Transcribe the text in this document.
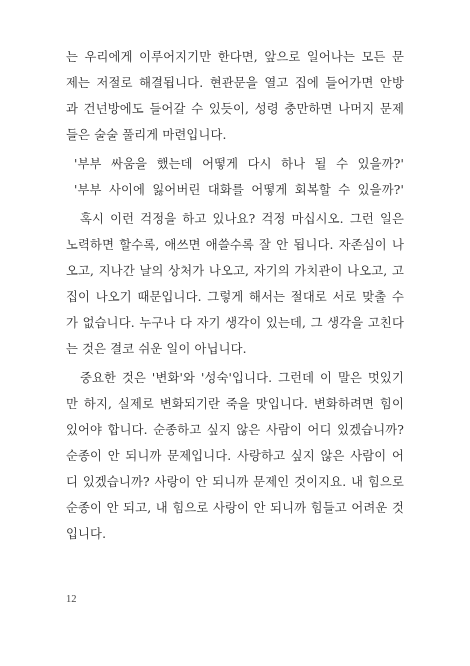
는 우리에게 이루어지기만 한다면, 앞으로 일어나는 모든 문
제는 저절로 해결됩니다. 현관문을 열고 집에 들어가면 안방
과 건넌방에도 들어갈 수 있듯이, 성령 충만하면 나머지 문제
들은 술술 풀리게 마련입니다.
'부부 싸움을 했는데 어떻게 다시 하나 될 수 있을까?'
'부부 사이에 잃어버린 대화를 어떻게 회복할 수 있을까?'
혹시 이런 걱정을 하고 있나요? 걱정 마십시오. 그런 일은
노력하면 할수록, 애쓰면 애쓸수록 잘 안 됩니다. 자존심이 나
오고, 지나간 날의 상처가 나오고, 자기의 가치관이 나오고, 고
집이 나오기 때문입니다. 그렇게 해서는 절대로 서로 맞출 수
가 없습니다. 누구나 다 자기 생각이 있는데, 그 생각을 고친다
는 것은 결코 쉬운 일이 아닙니다.
중요한 것은 '변화'와 '성숙'입니다. 그런데 이 말은 멋있기
만 하지, 실제로 변화되기란 죽을 맛입니다. 변화하려면 힘이
있어야 합니다. 순종하고 싶지 않은 사람이 어디 있겠습니까?
순종이 안 되니까 문제입니다. 사랑하고 싶지 않은 사람이 어
디 있겠습니까? 사랑이 안 되니까 문제인 것이지요. 내 힘으로
순종이 안 되고, 내 힘으로 사랑이 안 되니까 힘들고 어려운 것
입니다.
12
